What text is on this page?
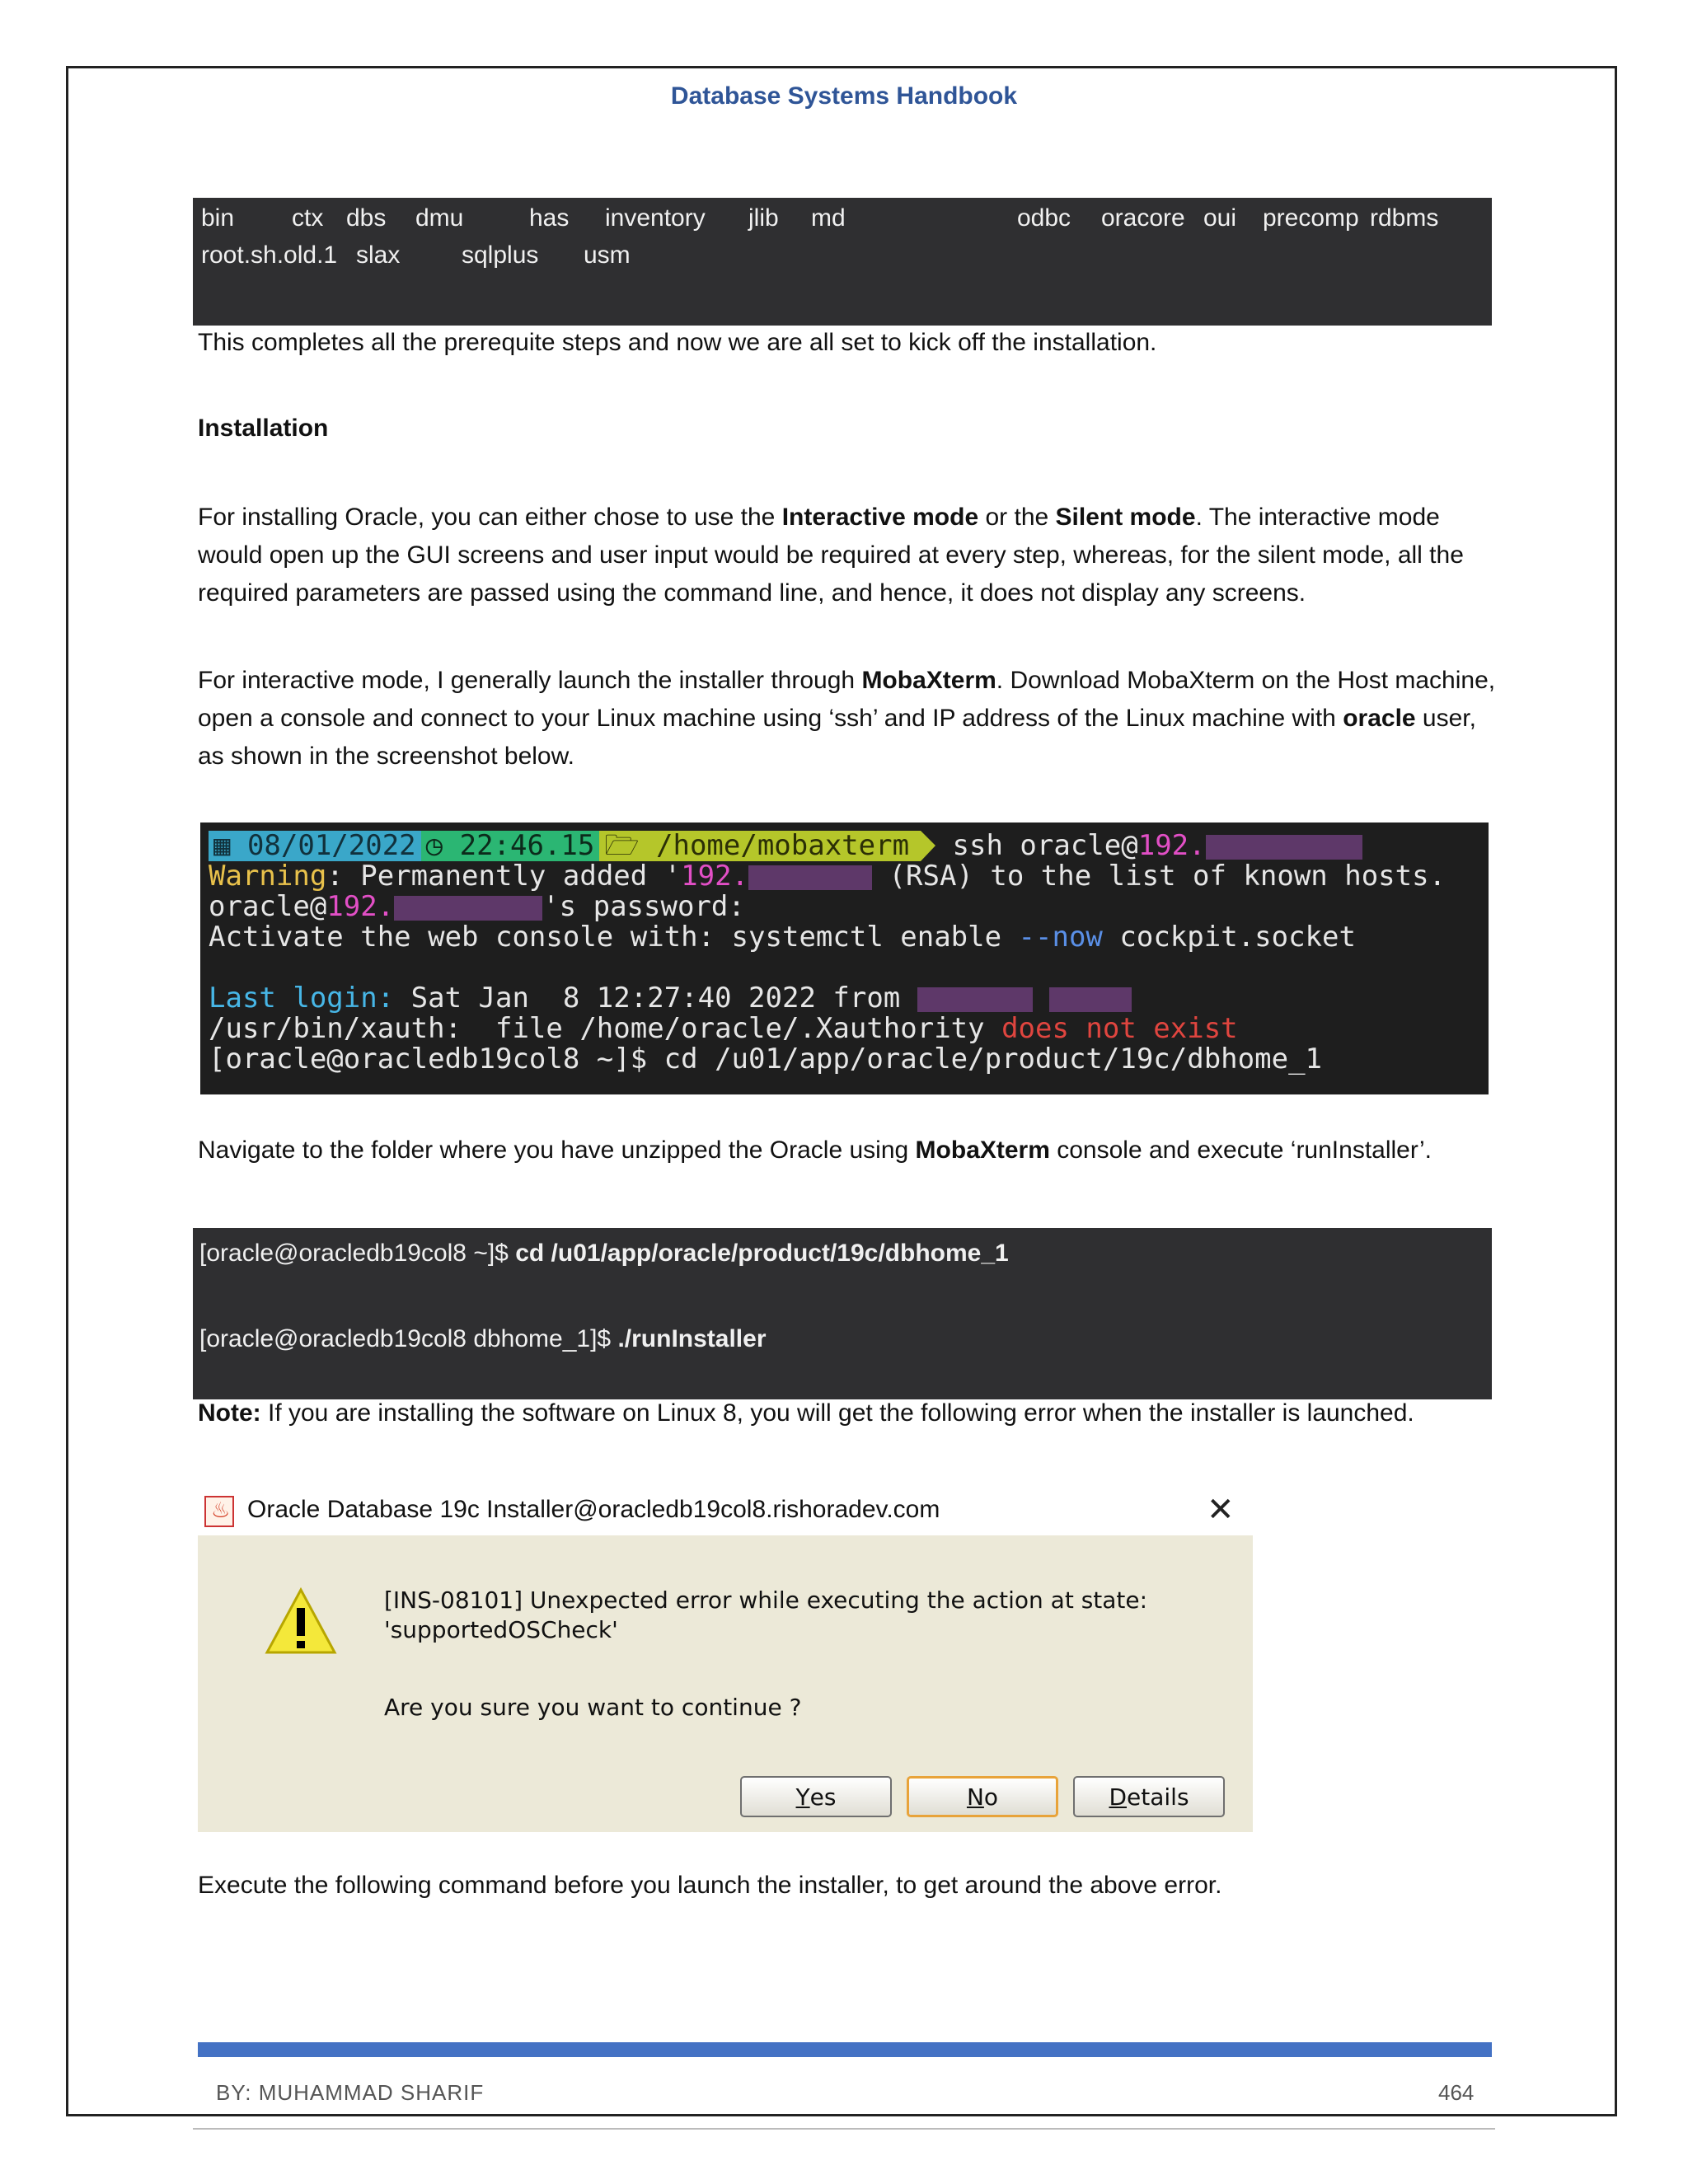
Database Systems Handbook
bin ctx dbs dmu	has inventory jlib md	odbc oracore oui precomp rdbms
root.sh.old.1 slax sqlplus usm
This completes all the prerequite steps and now we are all set to kick off the installation.
Installation
For installing Oracle, you can either chose to use the Interactive mode or the Silent mode. The interactive mode would open up the GUI screens and user input would be required at every step, whereas, for the silent mode, all the required parameters are passed using the command line, and hence, it does not display any screens.
For interactive mode, I generally launch the installer through MobaXterm. Download MobaXterm on the Host machine, open a console and connect to your Linux machine using ‘ssh’ and IP address of the Linux machine with oracle user, as shown in the screenshot below.
▦ 08/01/2022 ◷ 22:46.15 🗁 /home/mobaxterm ssh oracle@192.
Warning: Permanently added '192.	(RSA) to the list of known hosts.
oracle@192.	's password:
Activate the web console with: systemctl enable --now cockpit.socket
Last login: Sat Jan  8 12:27:40 2022 from
/usr/bin/xauth:  file /home/oracle/.Xauthority does not exist
[oracle@oracledb19col8 ~]$ cd /u01/app/oracle/product/19c/dbhome_1
Navigate to the folder where you have unzipped the Oracle using MobaXterm console and execute ‘runInstaller’.
[oracle@oracledb19col8 ~]$ cd /u01/app/oracle/product/19c/dbhome_1
[oracle@oracledb19col8 dbhome_1]$ ./runInstaller
Note: If you are installing the software on Linux 8, you will get the following error when the installer is launched.
♨
Oracle Database 19c Installer@oracledb19col8.rishoradev.com	✕
[INS-08101] Unexpected error while executing the action at state:
'supportedOSCheck'
Are you sure you want to continue ?
Y es	N o	D etails
Execute the following command before you launch the installer, to get around the above error.
BY: MUHAMMAD SHARIF	464
